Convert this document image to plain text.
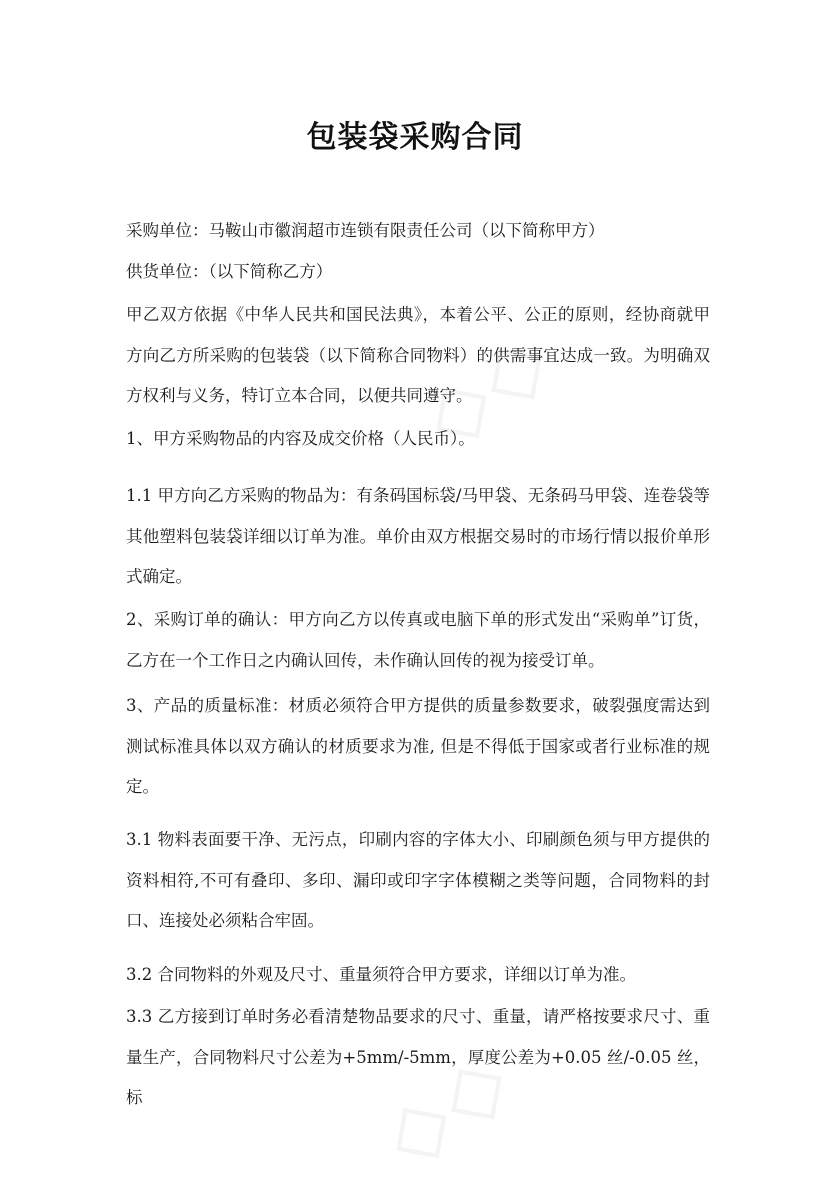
包装袋采购合同

采购单位：马鞍山市徽润超市连锁有限责任公司（以下简称甲方）

供货单位：（以下简称乙方）

甲乙双方依据《中华人民共和国民法典》，本着公平、公正的原则，经协商就甲方向乙方所采购的包装袋（以下简称合同物料）的供需事宜达成一致。为明确双方权利与义务，特订立本合同，以便共同遵守。

1、甲方采购物品的内容及成交价格（人民币）。

1.1 甲方向乙方采购的物品为：有条码国标袋/马甲袋、无条码马甲袋、连卷袋等其他塑料包装袋详细以订单为准。单价由双方根据交易时的市场行情以报价单形式确定。

2、采购订单的确认：甲方向乙方以传真或电脑下单的形式发出“采购单”订货，乙方在一个工作日之内确认回传，未作确认回传的视为接受订单。

3、产品的质量标准：材质必须符合甲方提供的质量参数要求，破裂强度需达到测试标准具体以双方确认的材质要求为准, 但是不得低于国家或者行业标准的规定。

3.1 物料表面要干净、无污点，印刷内容的字体大小、印刷颜色须与甲方提供的资料相符,不可有叠印、多印、漏印或印字字体模糊之类等问题，合同物料的封口、连接处必须粘合牢固。

3.2 合同物料的外观及尺寸、重量须符合甲方要求，详细以订单为准。

3.3 乙方接到订单时务必看清楚物品要求的尺寸、重量，请严格按要求尺寸、重量生产，合同物料尺寸公差为+5mm/-5mm，厚度公差为+0.05 丝/-0.05 丝，标
